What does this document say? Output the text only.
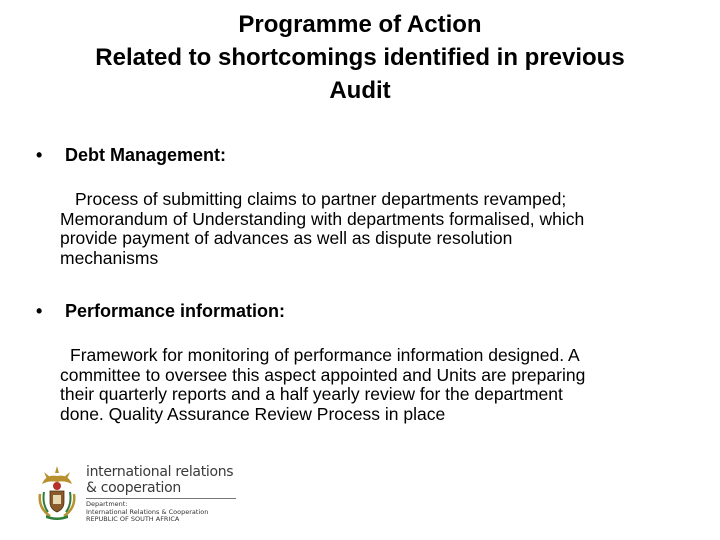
Programme of Action
Related to shortcomings identified in previous
Audit
• Debt Management:
Process of submitting claims to partner departments revamped;
Memorandum of Understanding with departments formalised, which
provide payment of advances as well as dispute resolution
mechanisms
• Performance information:
Framework for monitoring of performance information designed. A
committee to oversee this aspect appointed and Units are preparing
their quarterly reports and a half yearly review for the department
done. Quality Assurance Review Process in place
international relations
& cooperation
Department:
International Relations & Cooperation
REPUBLIC OF SOUTH AFRICA
